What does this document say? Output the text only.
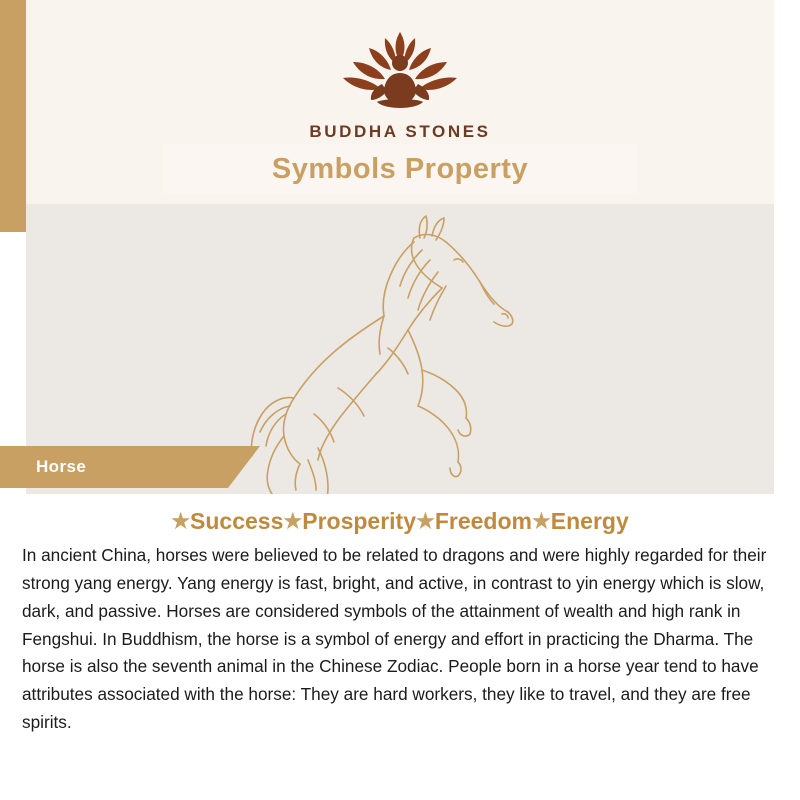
BUDDHA STONES
Symbols Property
Horse
★Success★Prosperity★Freedom★Energy
In ancient China, horses were believed to be related to dragons and were highly regarded for their strong yang energy. Yang energy is fast, bright, and active, in contrast to yin energy which is slow, dark, and passive. Horses are considered symbols of the attainment of wealth and high rank in Fengshui. In Buddhism, the horse is a symbol of energy and effort in practicing the Dharma. The horse is also the seventh animal in the Chinese Zodiac. People born in a horse year tend to have attributes associated with the horse: They are hard workers, they like to travel, and they are free spirits.
